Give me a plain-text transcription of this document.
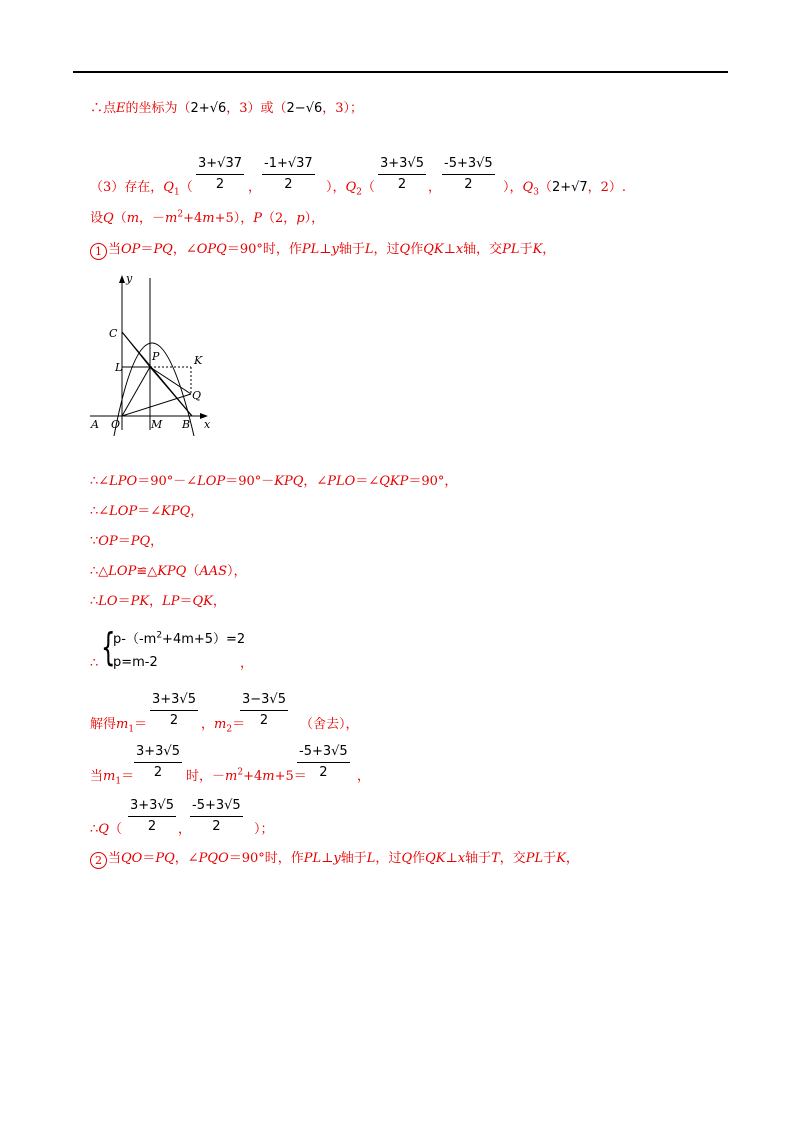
∴点E的坐标为（2+√6，3）或（2−√6，3）；
3+√37
2
-1+√37
2
3+3√5
2
-5+3√5
2
（3）存在，$Q_1$（	，	），$Q_2$（	，	），$Q_3(2+√7$，2）.
设Q（m，$-m^2+4m+5$），P（2，p），
1 当OP＝PQ，∠OPQ＝90°时，作PL⊥y轴于L，过Q作QK⊥x轴，交PL于K，
y
x
C
P	K
L
Q
A O	M B
∴∠LPO＝90°－∠LOP＝90°－KPQ，∠PLO＝∠QKP＝90°，
∴∠LOP＝∠KPQ，
∵OP＝PQ，
∴△LOP≌△KPQ（AAS），
∴LO＝PK，LP＝QK，
∴ {
$p-(-m^2+4m+5)=2$
p=m-2	，
3+3√5
2
3−3√5
2
解得$m_1=$	，$m_2=$	（舍去），
3+3√5
2
-5+3√5
2
当$m_1=$	时，$-m^2+4m+5=$	，
3+3√5
2
-5+3√5
2
∴Q（	，	）；
2 当QO＝PQ，∠PQO＝90°时，作PL⊥y轴于L，过Q作QK⊥x轴于T，交PL于K，
